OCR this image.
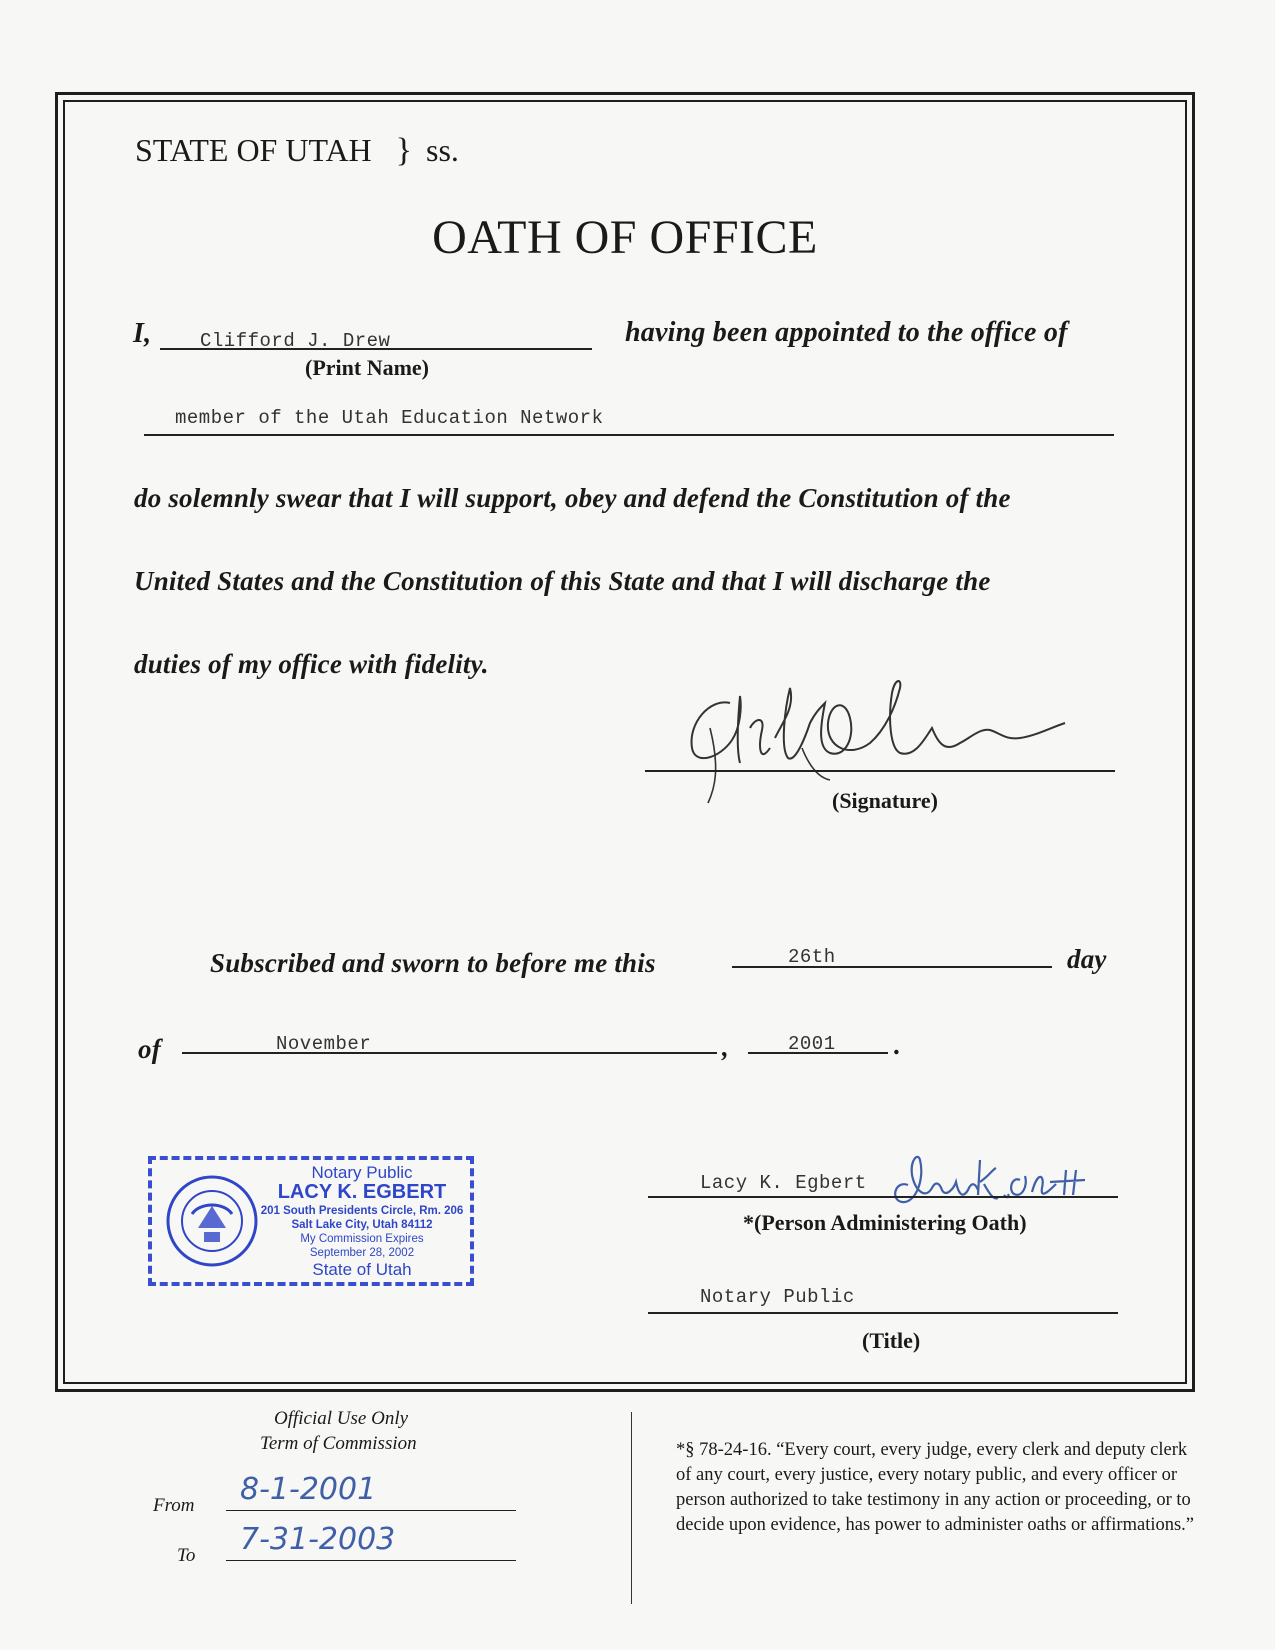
STATE OF UTAH } ss.
OATH OF OFFICE
I,	Clifford J. Drew
(Print Name)
having been appointed to the office of
member of the Utah Education Network
do solemnly swear that I will support, obey and defend the Constitution of the
United States and the Constitution of this State and that I will discharge the
duties of my office with fidelity.
(Signature)
Subscribed and sworn to before me this	26th	day
of	November	,	2001 .
Notary Public
LACY K. EGBERT
201 South Presidents Circle, Rm. 206
Salt Lake City, Utah 84112
My Commission Expires
September 28, 2002
State of Utah
Lacy K. Egbert
*(Person Administering Oath)
Notary Public
(Title)
Official Use Only
Term of Commission
From 8-1-2001
To 7-31-2003
*§ 78-24-16. “Every court, every judge, every clerk and deputy clerk of any court, every justice, every notary public, and every officer or person authorized to take testimony in any action or proceeding, or to decide upon evidence, has power to administer oaths or affirmations.”
